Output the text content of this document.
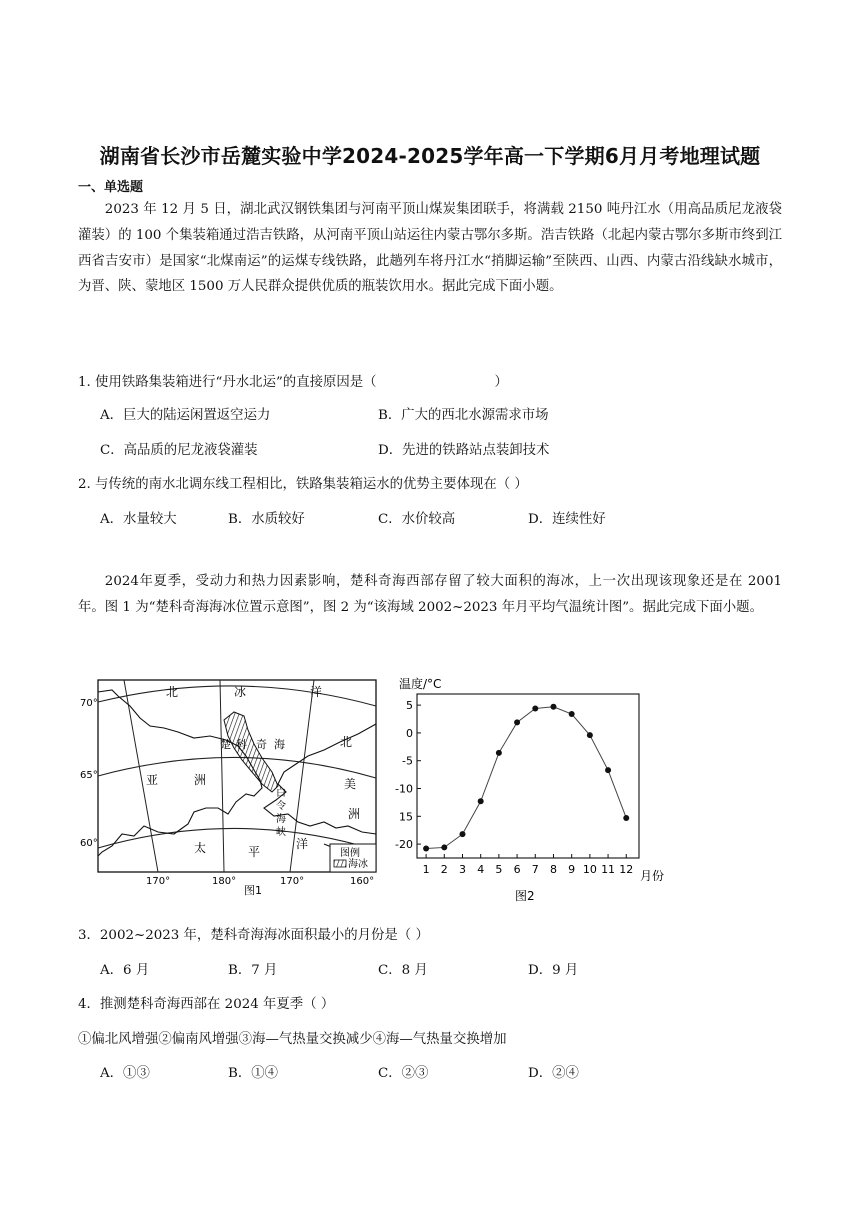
湖南省长沙市岳麓实验中学2024-2025学年高一下学期6月月考地理试题
一、单选题

2023 年 12 月 5 日，湖北武汉钢铁集团与河南平顶山煤炭集团联手，将满载 2150 吨丹江水（用高品质尼龙液袋灌装）的 100 个集装箱通过浩吉铁路，从河南平顶山站运往内蒙古鄂尔多斯。浩吉铁路（北起内蒙古鄂尔多斯市终到江西省吉安市）是国家“北煤南运”的运煤专线铁路，此趟列车将丹江水“捎脚运输”至陕西、山西、内蒙古沿线缺水城市，为晋、陕、蒙地区 1500 万人民群众提供优质的瓶装饮用水。据此完成下面小题。

1. 使用铁路集装箱进行“丹水北运”的直接原因是（	）
A．巨大的陆运闲置返空运力	B．广大的西北水源需求市场
C．高品质的尼龙液袋灌装	D．先进的铁路站点装卸技术
2. 与传统的南水北调东线工程相比，铁路集装箱运水的优势主要体现在（ ）
A．水量较大	B．水质较好	C．水价较高	D．连续性好

2024年夏季，受动力和热力因素影响，楚科奇海西部存留了较大面积的海冰，上一次出现该现象还是在 2001 年。图 1 为“楚科奇海海冰位置示意图”，图 2 为“该海域 2002~2023 年月平均气温统计图”。据此完成下面小题。

图例
海冰
70°
65°
60°
170°	180°	170°	160°
图1
北	冰	洋
亚	洲
太	平
洋
北
美
洲
楚 科 奇 海
白
令
海
峡
温度/°C
月份
图2
5
0
-5
-10
15
-20
1 2 3 4 5 6 7 8 9 10 11 12
3．2002~2023 年，楚科奇海海冰面积最小的月份是（ ）
A．6 月	B．7 月	C．8 月	D．9 月
4．推测楚科奇海西部在 2024 年夏季（ ）
①偏北风增强②偏南风增强③海—气热量交换减少④海—气热量交换增加
A．①③	B．①④	C．②③	D．②④
